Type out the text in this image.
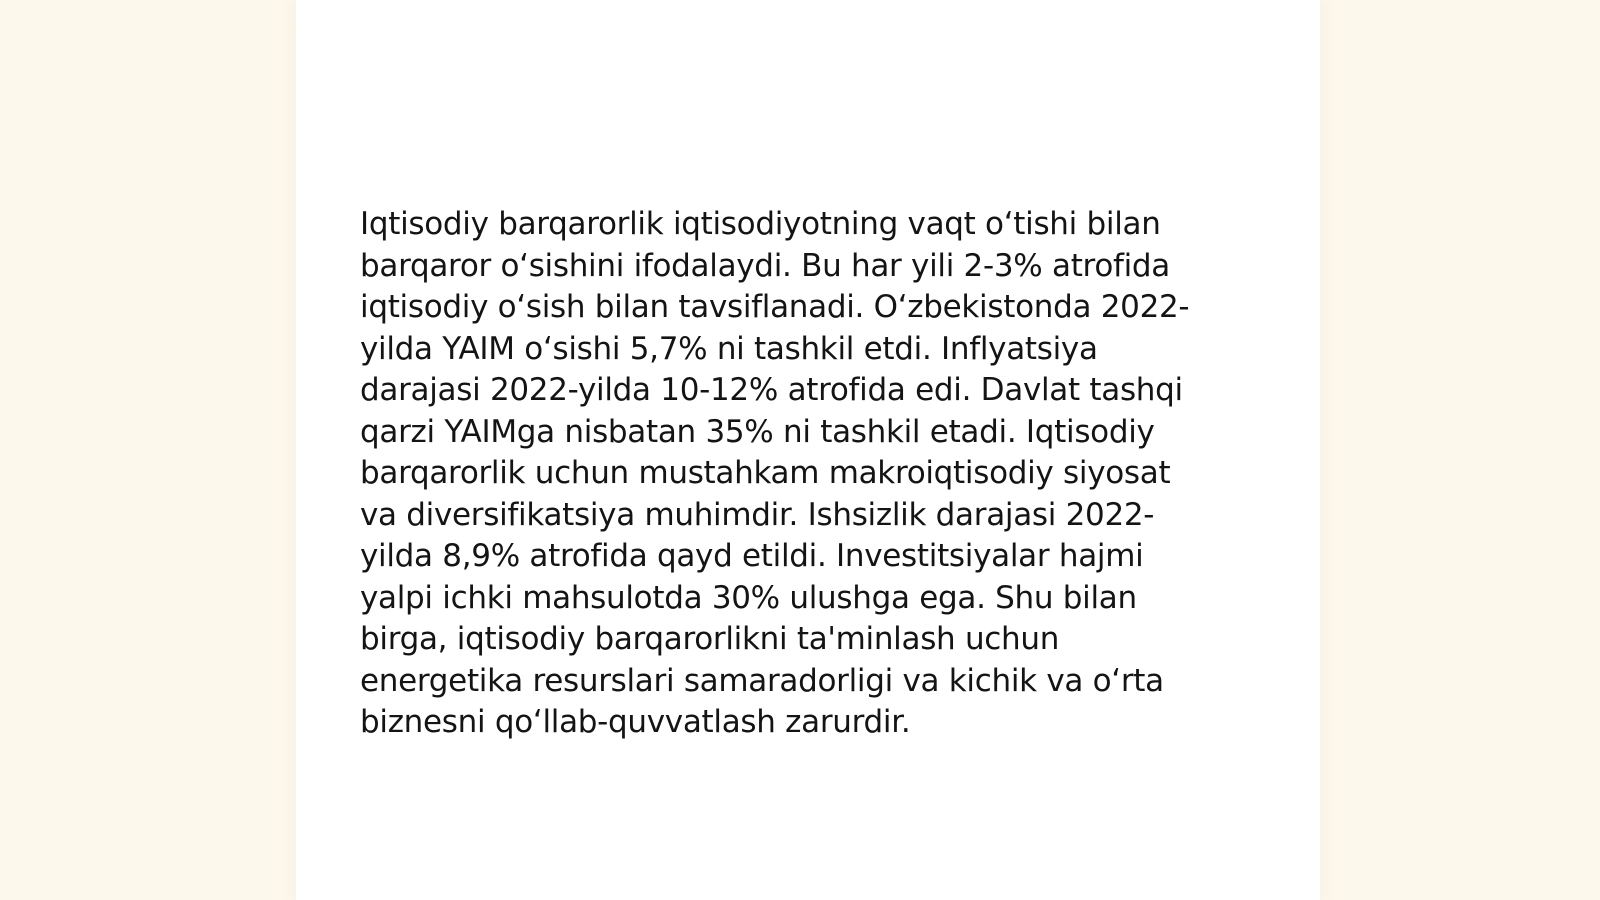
Iqtisodiy barqarorlik iqtisodiyotning vaqt o‘tishi bilan
barqaror o‘sishini ifodalaydi. Bu har yili 2-3% atrofida
iqtisodiy o‘sish bilan tavsiflanadi. O‘zbekistonda 2022-
yilda YAIM o‘sishi 5,7% ni tashkil etdi. Inflyatsiya
darajasi 2022-yilda 10-12% atrofida edi. Davlat tashqi
qarzi YAIMga nisbatan 35% ni tashkil etadi. Iqtisodiy
barqarorlik uchun mustahkam makroiqtisodiy siyosat
va diversifikatsiya muhimdir. Ishsizlik darajasi 2022-
yilda 8,9% atrofida qayd etildi. Investitsiyalar hajmi
yalpi ichki mahsulotda 30% ulushga ega. Shu bilan
birga, iqtisodiy barqarorlikni ta'minlash uchun
energetika resurslari samaradorligi va kichik va o‘rta
biznesni qo‘llab-quvvatlash zarurdir.
